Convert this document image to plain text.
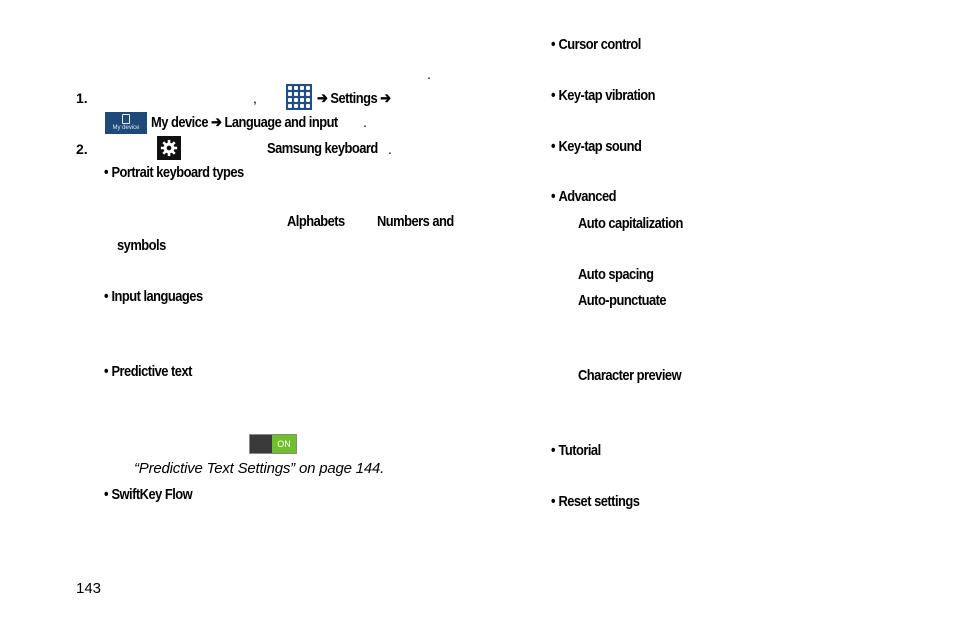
.
1.	,	➔ Settings ➔
My device My device ➔ Language and input .
2.	Samsung keyboard .
• Portrait keyboard types
Alphabets Numbers and
symbols
• Input languages
• Predictive text
ON
“Predictive Text Settings” on page 144.
• SwiftKey Flow
143
• Cursor control
• Key-tap vibration
• Key-tap sound
• Advanced
Auto capitalization
Auto spacing
Auto-punctuate
Character preview
• Tutorial
• Reset settings
